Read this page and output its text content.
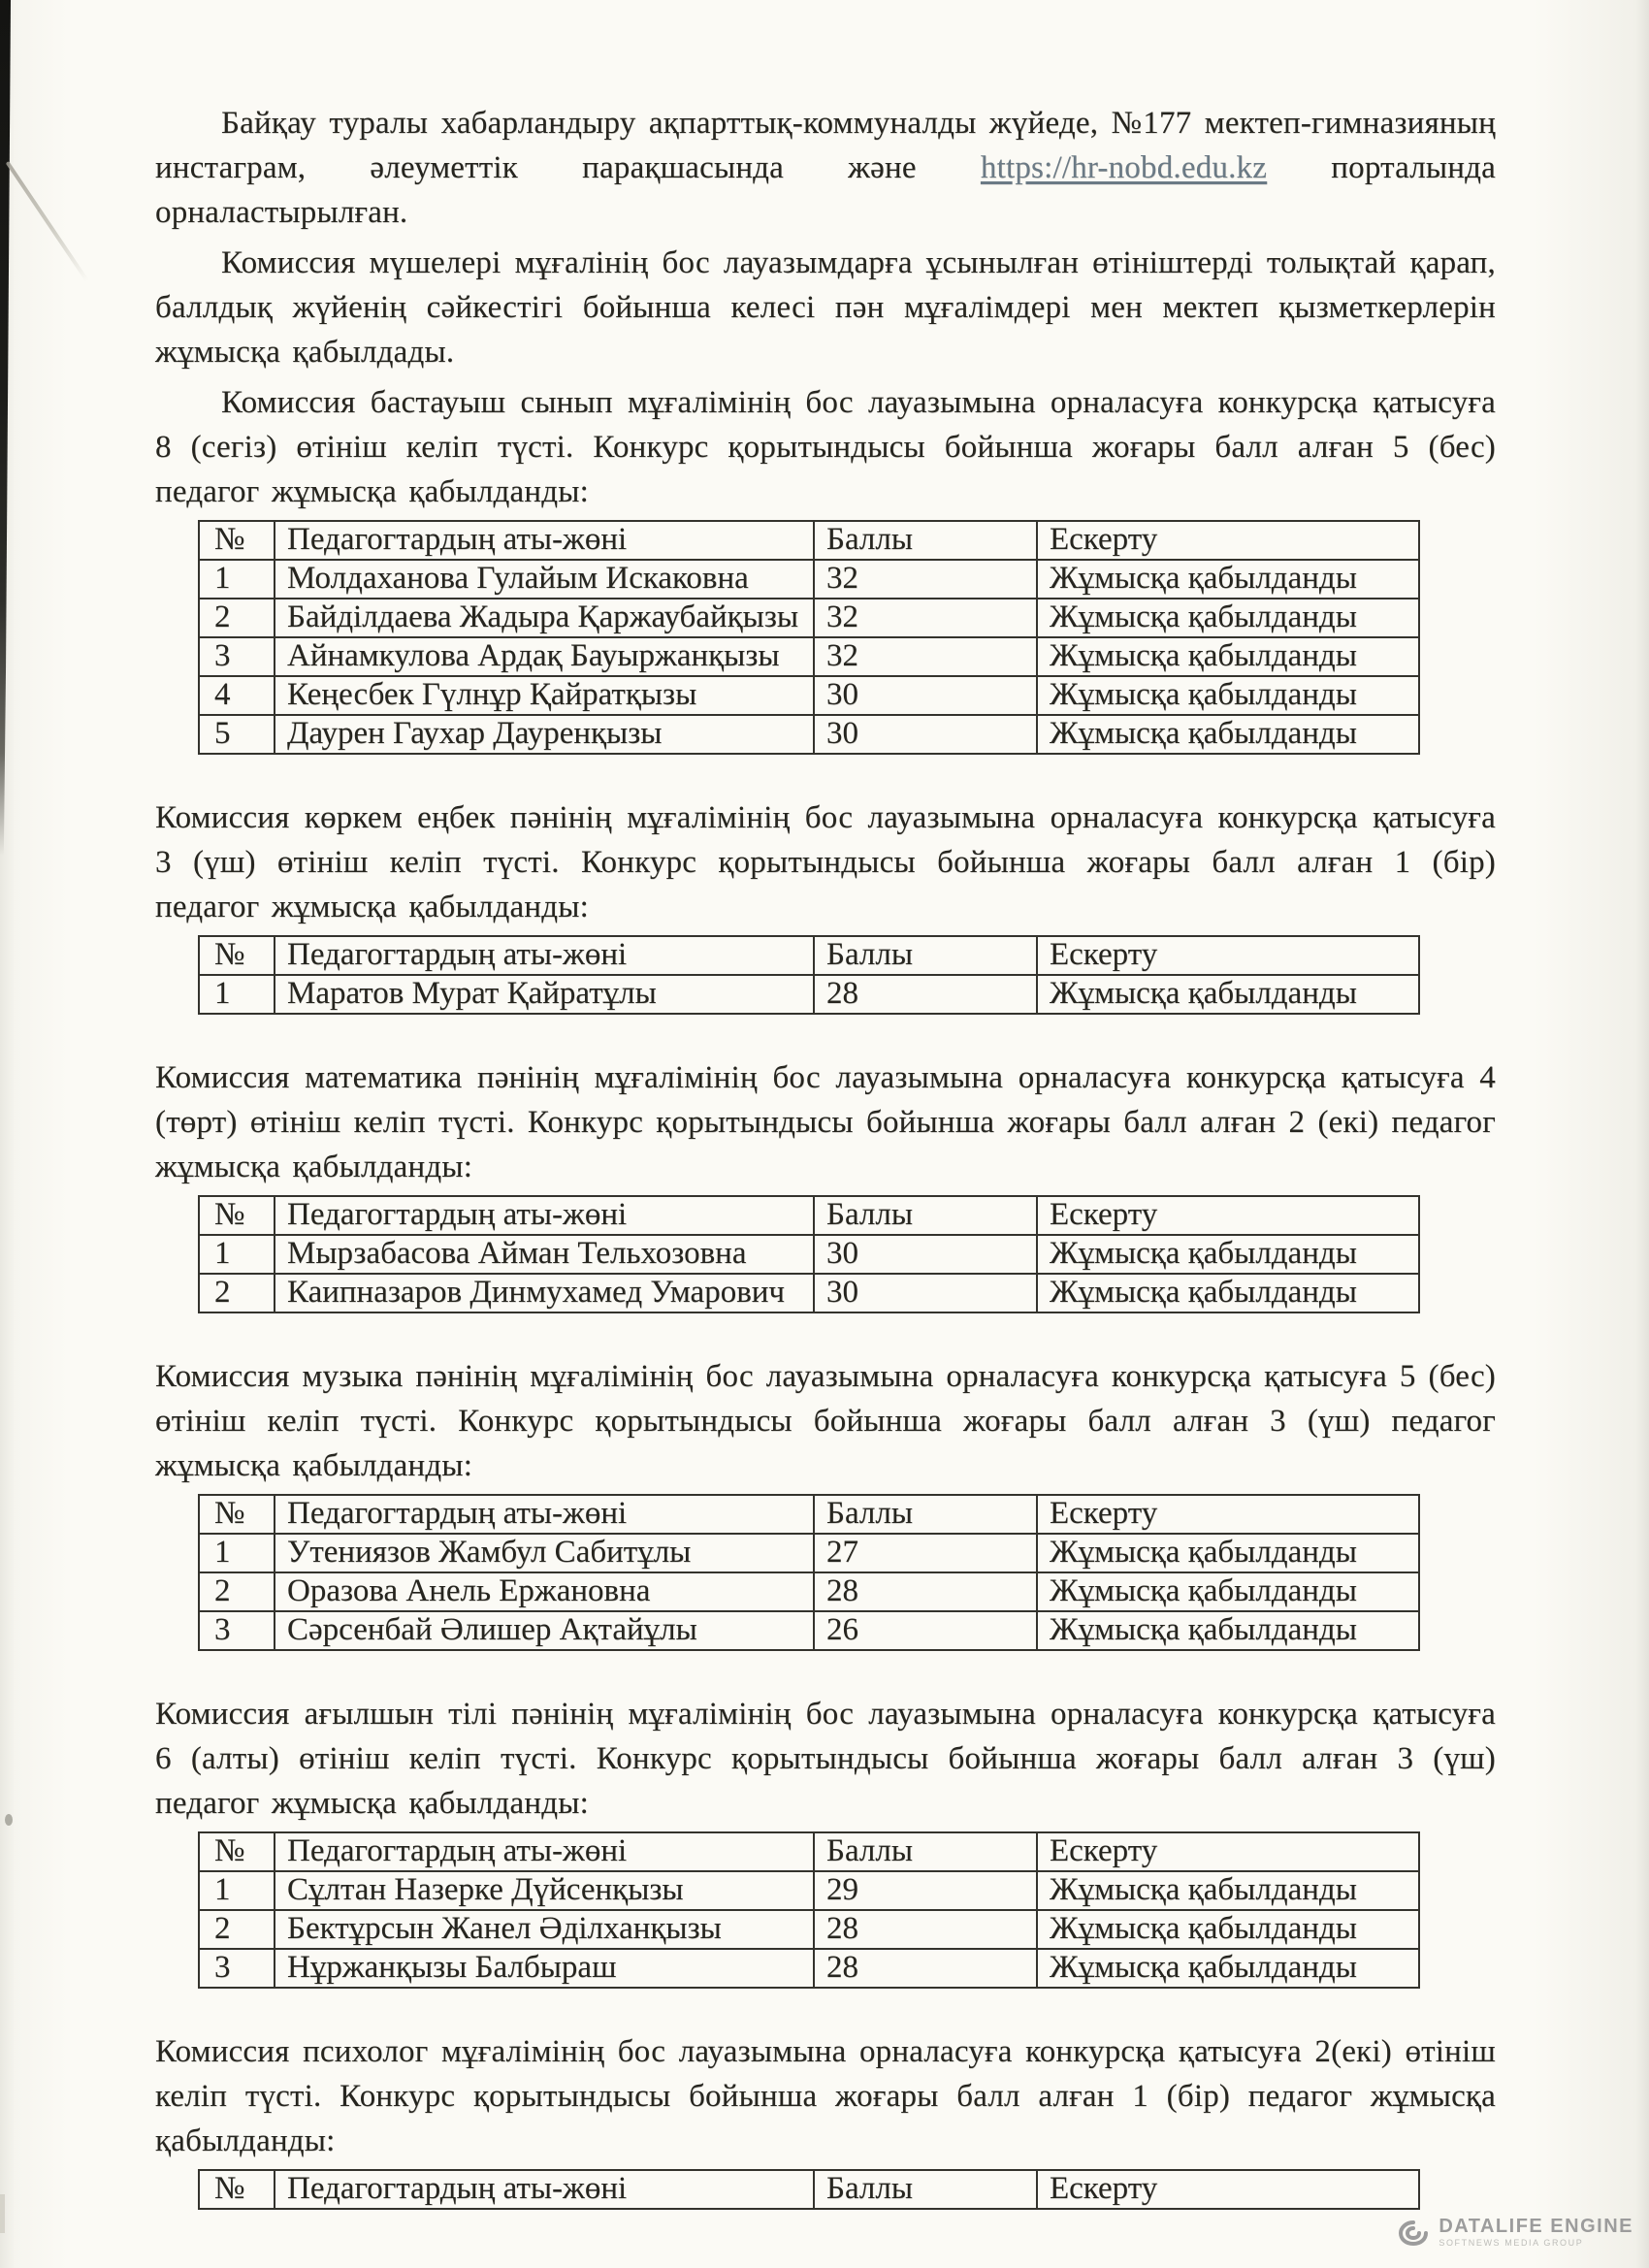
Байқау туралы хабарландыру ақпарттық-коммуналды жүйеде, №177 мектеп-гимназияның инстаграм, әлеуметтік парақшасында және https://hr-nobd.edu.kz порталында орналастырылған.

Комиссия мүшелері мұғалінің бос лауазымдарға ұсынылған өтініштерді толықтай қарап, баллдық жүйенің сәйкестігі бойынша келесі пән мұғалімдері мен мектеп қызметкерлерін жұмысқа қабылдады.

Комиссия бастауыш сынып мұғалімінің бос лауазымына орналасуға конкурсқа қатысуға 8 (сегіз) өтініш келіп түсті. Конкурс қорытындысы бойынша жоғары балл алған 5 (бес) педагог жұмысқа қабылданды:

№	Педагогтардың аты-жөні	Баллы	Ескерту
1	Молдаханова Гулайым Искаковна	32	Жұмысқа қабылданды
2	Байділдаева Жадыра Қаржаубайқызы	32	Жұмысқа қабылданды
3	Айнамкулова Ардақ Бауыржанқызы	32	Жұмысқа қабылданды
4	Кеңесбек Гүлнұр Қайратқызы	30	Жұмысқа қабылданды
5	Даурен Гаухар Дауренқызы	30	Жұмысқа қабылданды

Комиссия көркем еңбек пәнінің мұғалімінің бос лауазымына орналасуға конкурсқа қатысуға 3 (үш) өтініш келіп түсті. Конкурс қорытындысы бойынша жоғары балл алған 1 (бір) педагог жұмысқа қабылданды:

№	Педагогтардың аты-жөні	Баллы	Ескерту
1	Маратов Мурат Қайратұлы	28	Жұмысқа қабылданды

Комиссия математика пәнінің мұғалімінің бос лауазымына орналасуға конкурсқа қатысуға 4 (төрт) өтініш келіп түсті. Конкурс қорытындысы бойынша жоғары балл алған 2 (екі) педагог жұмысқа қабылданды:

№	Педагогтардың аты-жөні	Баллы	Ескерту
1	Мырзабасова Айман Тельхозовна	30	Жұмысқа қабылданды
2	Каипназаров Динмухамед Умарович	30	Жұмысқа қабылданды

Комиссия музыка пәнінің мұғалімінің бос лауазымына орналасуға конкурсқа қатысуға 5 (бес) өтініш келіп түсті. Конкурс қорытындысы бойынша жоғары балл алған 3 (үш) педагог жұмысқа қабылданды:

№	Педагогтардың аты-жөні	Баллы	Ескерту
1	Утениязов Жамбул Сабитұлы	27	Жұмысқа қабылданды
2	Оразова Анель Ержановна	28	Жұмысқа қабылданды
3	Сәрсенбай Әлишер Ақтайұлы	26	Жұмысқа қабылданды

Комиссия ағылшын тілі пәнінің мұғалімінің бос лауазымына орналасуға конкурсқа қатысуға 6 (алты) өтініш келіп түсті. Конкурс қорытындысы бойынша жоғары балл алған 3 (үш) педагог жұмысқа қабылданды:

№	Педагогтардың аты-жөні	Баллы	Ескерту
1	Сұлтан Назерке Дүйсенқызы	29	Жұмысқа қабылданды
2	Бектұрсын Жанел Әділханқызы	28	Жұмысқа қабылданды
3	Нұржанқызы Балбыраш	28	Жұмысқа қабылданды

Комиссия психолог мұғалімінің бос лауазымына орналасуға конкурсқа қатысуға 2(екі) өтініш келіп түсті. Конкурс қорытындысы бойынша жоғары балл алған 1 (бір) педагог жұмысқа қабылданды:

№	Педагогтардың аты-жөні	Баллы	Ескерту
DATALIFE ENGINE
SOFTNEWS MEDIA GROUP
